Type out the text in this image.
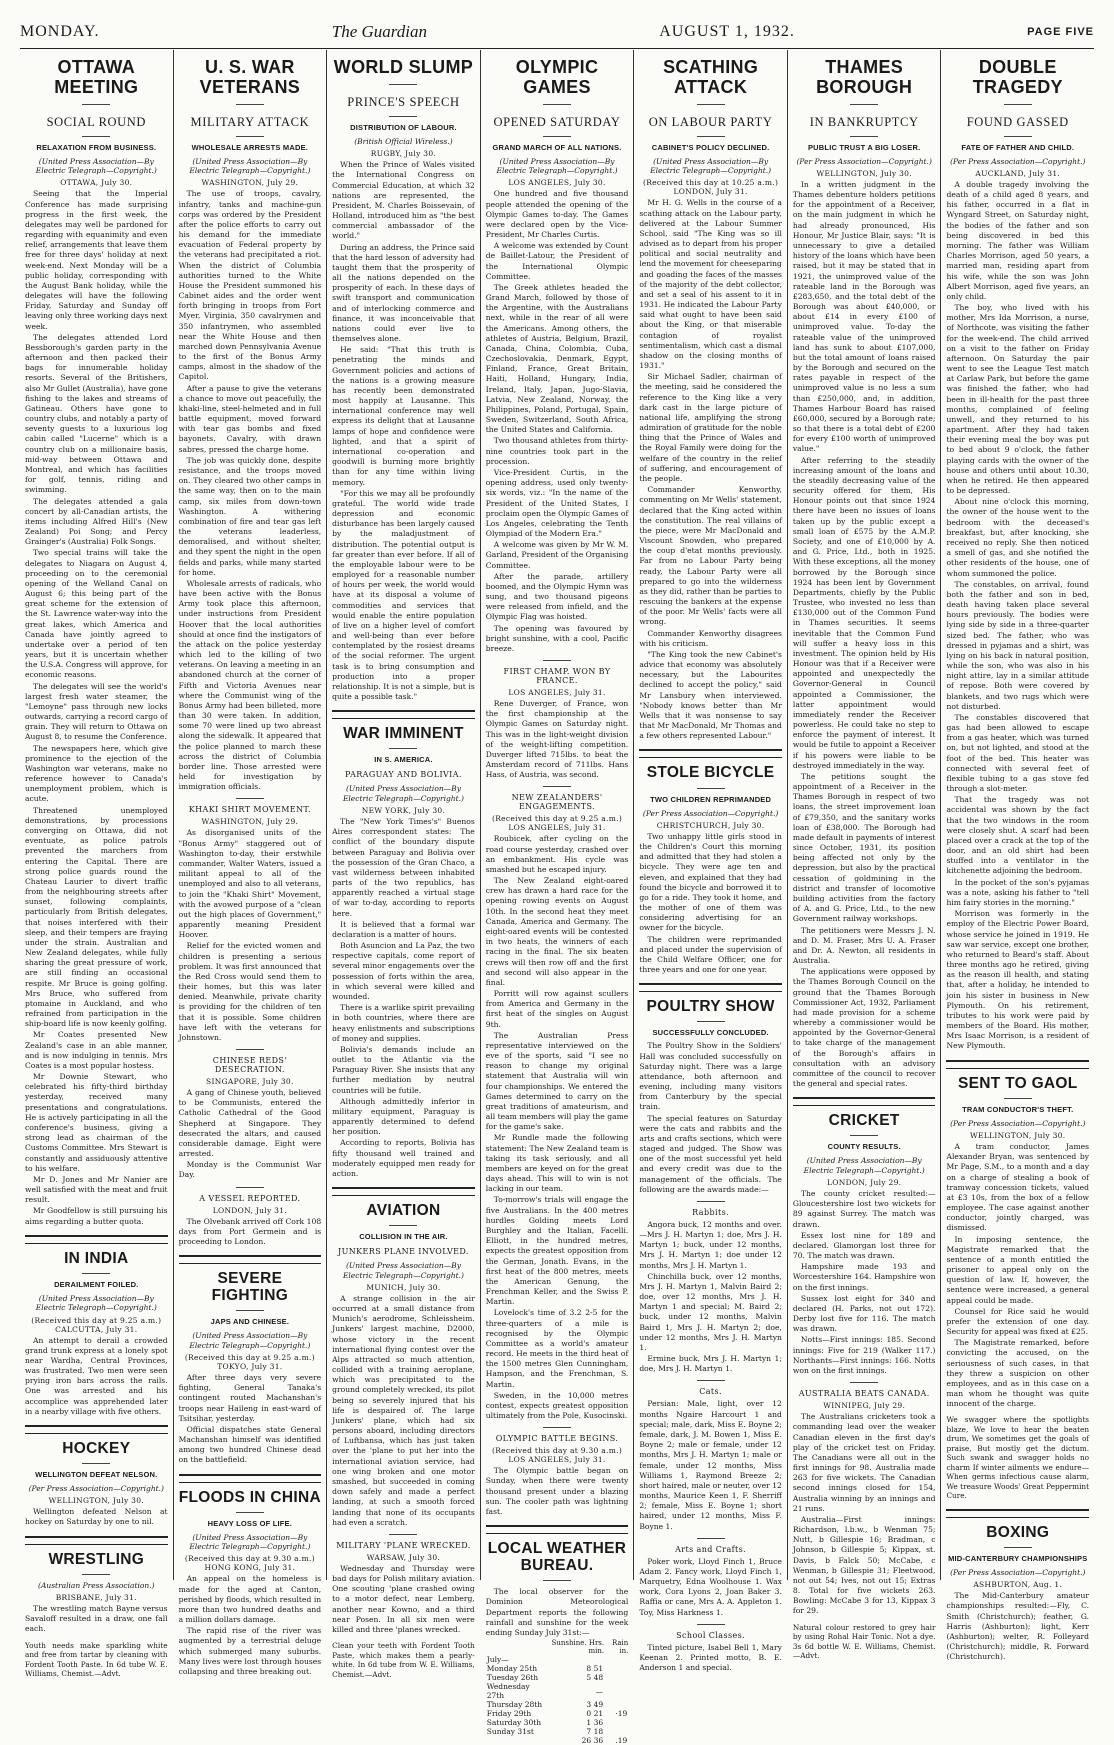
MONDAY.	The Guardian	AUGUST 1, 1932.	PAGE FIVE
OTTAWA MEETING
SOCIAL ROUND
RELAXATION FROM BUSINESS.
(United Press Association—By Electric Telegraph—Copyright.)
OTTAWA, July 30.

Seeing that the Imperial Conference has made surprising progress in the first week, the delegates may well be pardoned for regarding with equanimity and even relief, arrangements that leave them free for three days' holiday at next week-end. Next Monday will be a public holiday, corresponding with the August Bank holiday, while the delegates will have the following Friday, Saturday and Sunday off leaving only three working days next week.

The delegates attended Lord Bessborough's garden party in the afternoon and then packed their bags for innumerable holiday resorts. Several of the Britishers, also Mr Gullet (Australia), have gone fishing to the lakes and streams of Gatineau. Others have gone to country clubs, and notably a party of seventy guests to a luxurious log cabin called "Lucerne" which is a country club on a millionaire basis, mid-way between Ottawa and Montreal, and which has facilities for golf, tennis, riding and swimming.

The delegates attended a gala concert by all-Canadian artists, the items including Alfred Hill's (New Zealand) Poi Song; and Percy Grainger's (Australia) Folk Songs.

Two special trains will take the delegates to Niagara on August 4, proceeding on to the ceremonial opening of the Welland Canal on August 6; this being part of the great scheme for the extension of the St. Lawrence water-way into the great lakes, which America and Canada have jointly agreed to undertake over a period of ten years, but it is uncertain whether the U.S.A. Congress will approve, for economic reasons.

The delegates will see the world's largest fresh water steamer, the "Lemoyne" pass through new locks outwards, carrying a record cargo of grain. They will return to Ottawa on August 8, to resume the Conference.

The newspapers here, which give prominence to the ejection of the Washington war veterans, make no reference however to Canada's unemployment problem, which is acute.

Threatened unemployed demonstrations, by processions converging on Ottawa, did not eventuate, as police patrols prevented the marchers from entering the Capital. There are strong police guards round the Chateau Laurier to divert traffic from the neighbouring streets after sunset, following complaints, particularly from British delegates, that noises interfered with their sleep, and their tempers are fraying under the strain. Australian and New Zealand delegates, while fully sharing the great pressure of work, are still finding an occasional respite. Mr Bruce is going golfing. Mrs Bruce, who suffered from ptomaine in Auckland, and who refrained from participation in the ship-board life is now keenly golfing.

Mr Coates presented New Zealand's case in an able manner, and is now indulging in tennis. Mrs Coates is a most popular hostess.

Mr Downie Stewart, who celebrated his fifty-third birthday yesterday, received many presentations and congratulations. He is actively participating in all the conference's business, giving a strong lead as chairman of the Customs Committee. Mrs Stewart is constantly and assiduously attentive to his welfare.

Mr D. Jones and Mr Nanier are well satisfied with the meat and fruit result.

Mr Goodfellow is still pursuing his aims regarding a butter quota.

IN INDIA
DERAILMENT FOILED.
(United Press Association—By Electric Telegraph—Copyright.)
(Received this day at 9.25 a.m.) CALCUTTA, July 31.

An attempt to derail a crowded grand trunk express at a lonely spot near Wardha, Central Provinces, was frustrated. Two men were seen prying iron bars across the rails. One was arrested and his accomplice was apprehended later in a nearby village with five others.

HOCKEY
WELLINGTON DEFEAT NELSON.
(Per Press Association—Copyright.)
WELLINGTON, July 30.

Wellington defeated Nelson at hockey on Saturday by one to nil.

WRESTLING
(Australian Press Association.)
BRISBANE, July 31.

The wrestling match Bayne versus Savaloff resulted in a draw, one fall each.

Youth needs make sparkling white and free from tartar by cleaning with Fordent Tooth Paste. In 6d tube W. E. Williams, Chemist.—Advt.
U. S. WAR VETERANS
MILITARY ATTACK
WHOLESALE ARRESTS MADE.
(United Press Association—By Electric Telegraph—Copyright.)
WASHINGTON, July 29.

The use of troops, cavalry, infantry, tanks and machine-gun corps was ordered by the President after the police efforts to carry out his demand for the immediate evacuation of Federal property by the veterans had precipitated a riot. When the district of Columbia authorities turned to the White House the President summoned his Cabinet aides and the order went forth bringing in troops from Fort Myer, Virginia, 350 cavalrymen and 350 infantrymen, who assembled near the White House and then marched down Pennsylvania Avenue to the first of the Bonus Army camps, almost in the shadow of the Capitol.

After a pause to give the veterans a chance to move out peacefully, the khaki-line, steel-helmeted and in full battle equipment, moved forward with tear gas bombs and fixed bayonets. Cavalry, with drawn sabres, pressed the charge home.

The job was quickly done, despite resistance, and the troops moved on. They cleared two other camps in the same way, then on to the main camp, six miles from down-town Washington. A withering combination of fire and tear gas left the veterans leaderless, demoralised, and without shelter, and they spent the night in the open fields and parks, while many started for home.

Wholesale arrests of radicals, who have been active with the Bonus Army took place this afternoon, under instructions from President Hoover that the local authorities should at once find the instigators of the attack on the police yesterday which led to the killing of two veterans. On leaving a meeting in an abandoned church at the corner of Fifth and Victoria Avenues near where the Communist wing of the Bonus Army had been billeted, more than 30 were taken. In addition, some 70 were lined up two abreast along the sidewalk. It appeared that the police planned to march these across the district of Columbia border line. Those arrested were held for investigation by immigration officials.

KHAKI SHIRT MOVEMENT.
WASHINGTON, July 29.

As disorganised units of the "Bonus Army" staggered out of Washington to-day, their erstwhile commander, Walter Waters, issued a militant appeal to all of the unemployed and also to all veterans, to join the "Khaki Shirt" Movement, with the avowed purpose of a "clean out the high places of Government," apparently meaning President Hoover.

Relief for the evicted women and children is presenting a serious problem. It was first announced that the Red Cross would send them to their homes, but this was later denied. Meanwhile, private charity is providing for the children of ten that it is possible. Some children have left with the veterans for Johnstown.

CHINESE REDS' DESECRATION.
SINGAPORE, July 30.

A gang of Chinese youth, believed to be Communists, entered the Catholic Cathedral of the Good Shepherd at Singapore. They desecrated the altars, and caused considerable damage. Eight were arrested.

Monday is the Communist War Day.

A VESSEL REPORTED.
LONDON, July 31.

The Olvebank arrived off Cork 108 days from Port Germein and is proceeding to London.

SEVERE FIGHTING
JAPS AND CHINESE.
(United Press Association—By Electric Telegraph—Copyright.)
(Received this day at 9.25 a.m.) TOKYO, July 31.

After three days very severe fighting, General Tanaka's contingent routed Machanshan's troops near Haileng in east-ward of Tsitsihar, yesterday.

Official dispatches state General Machanshan himself was identified among two hundred Chinese dead on the battlefield.

FLOODS IN CHINA
HEAVY LOSS OF LIFE.
(United Press Association—By Electric Telegraph—Copyright.)
(Received this day at 9.30 a.m.) HONG KONG, July 31.

An appeal on the homeless is made for the aged at Canton, perished by floods, which resulted in more than two hundred deaths and a million dollars damage.

The rapid rise of the river was augmented by a terrestrial deluge which submerged many suburbs. Many lives were lost through houses collapsing and three breaking out.

WORLD SLUMP
PRINCE'S SPEECH
DISTRIBUTION OF LABOUR.
(British Official Wireless.)
RUGBY, July 30.

When the Prince of Wales visited the International Congress on Commercial Education, at which 32 nations are represented, the President, M. Charles Boissevain, of Holland, introduced him as "the best commercial ambassador of the world."

During an address, the Prince said that the hard lesson of adversity had taught them that the prosperity of all the nations depended on the prosperity of each. In these days of swift transport and communication and of interlocking commerce and finance, it was inconceivable that nations could ever live to themselves alone.

He said: "That this truth is penetrating the minds and Government policies and actions of the nations is a growing measure has recently been demonstrated most happily at Lausanne. This international conference may well express its delight that at Lausanne lamps of hope and confidence were lighted, and that a spirit of international co-operation and goodwill is burning more brightly than for any time within living memory.

"For this we may all be profoundly grateful. The world wide trade depression and economic disturbance has been largely caused by the maladjustment of distribution. The potential output is far greater than ever before. If all of the employable labour were to be employed for a reasonable number of hours per week, the world would have at its disposal a volume of commodities and services that would enable the entire population of live on a higher level of comfort and well-being than ever before contemplated by the rosiest dreams of the social reformer. The urgent task is to bring consumption and production into a proper relationship. It is not a simple, but is quite a possible task."

WAR IMMINENT
IN S. AMERICA.
PARAGUAY AND BOLIVIA.
(United Press Association—By Electric Telegraph—Copyright.)
NEW YORK, July 30.

The "New York Times's" Buenos Aires correspondent states: The conflict of the boundary dispute between Paraguay and Bolivia over the possession of the Gran Chaco, a vast wilderness between inhabited parts of the two republics, has apparently reached a virtual stage of war to-day, according to reports here.

It is believed that a formal war declaration is a matter of hours.

Both Asuncion and La Paz, the two respective capitals, come report of several minor engagements over the possession of forts within the area, in which several were killed and wounded.

There is a warlike spirit prevailing in both countries, where there are heavy enlistments and subscriptions of money and supplies.

Bolivia's demands include an outlet to the Atlantic via the Paraguay River. She insists that any further mediation by neutral countries will be futile.

Although admittedly inferior in military equipment, Paraguay is apparently determined to defend her position.

According to reports, Bolivia has fifty thousand well trained and moderately equipped men ready for action.

AVIATION
COLLISION IN THE AIR.
JUNKERS PLANE INVOLVED.
(United Press Association—By Electric Telegraph—Copyright.)
MUNICH, July 30.

A strange collision in the air occurred at a small distance from Munich's aerodrome, Schleissheim. Junkers' largest machine, D2000, whose victory in the recent international flying contest over the Alps attracted so much attention, collided with a training aeroplane, which was precipitated to the ground completely wrecked, its pilot being so severely injured that his life is despaired of. The large Junkers' plane, which had six persons aboard, including directors of Luftbansa, which has just taken over the 'plane to put her into the international aviation service, had one wing broken and one motor smashed, but succeeded in coming down safely and made a perfect landing, at such a smooth forced landing that none of its occupants had even a scratch.

MILITARY 'PLANE WRECKED.
WARSAW, July 30.

Wednesday and Thursday were bad days for Polish military aviation. One scouting 'plane crashed owing to a motor defect, near Lemberg, another near Kowno, and a third near Posen. In all six men were killed and three 'planes wrecked.

Clean your teeth with Fordent Tooth Paste, which makes them a pearly-white. In 6d tube from W. E. Williams, Chemist.—Advt.
OLYMPIC GAMES
OPENED SATURDAY
GRAND MARCH OF ALL NATIONS.
(United Press Association—By Electric Telegraph—Copyright.)
LOS ANGELES, July 30.

One hundred and five thousand people attended the opening of the Olympic Games to-day. The Games were declared open by the Vice-President, Mr Charles Curtis.

A welcome was extended by Count de Baillet-Latour, the President of the International Olympic Committee.

The Greek athletes headed the Grand March, followed by those of the Argentine, with the Australians next, while in the rear of all were the Americans. Among others, the athletes of Austria, Belgium, Brazil, Canada, China, Colombia, Cuba, Czechoslovakia, Denmark, Egypt, Finland, France, Great Britain, Haiti, Holland, Hungary, India, Ireland, Italy, Japan, Jugo-Slavia, Latvia, New Zealand, Norway, the Philippines, Poland, Portugal, Spain, Sweden, Switzerland, South Africa, the United States and California.

Two thousand athletes from thirty-nine countries took part in the procession.

Vice-President Curtis, in the opening address, used only twenty-six words, viz.: "In the name of the President of the United States, I proclaim open the Olympic Games of Los Angeles, celebrating the Tenth Olympiad of the Modern Era."

A welcome was given by Mr W. M. Garland, President of the Organising Committee.

After the parade, artillery boomed, and the Olympic Hymn was sung, and two thousand pigeons were released from infield, and the Olympic Flag was hoisted.

The opening was favoured by bright sunshine, with a cool, Pacific breeze.

FIRST CHAMP. WON BY FRANCE.
LOS ANGELES, July 31.

Rene Duverger, of France, won the first championship at the Olympic Games on Saturday night. This was in the light-weight division of the weight-lifting competition. Duverger lifted 715lbs. to beat the Amsterdam record of 711lbs. Hans Hass, of Austria, was second.

NEW ZEALANDERS' ENGAGEMENTS.
(Received this day at 9.25 a.m.) LOS ANGELES, July 31.

Roubicek, after cycling on the road course yesterday, crashed over an embankment. His cycle was smashed but he escaped injury.

The New Zealand eight-oared crew has drawn a hard race for the opening rowing events on August 10th. In the second heat they meet Canada, America and Germany. The eight-oared events will be contested in two heats, the winners of each racing in the final. The six beaten crews will then row off and the first and second will also appear in the final.

Porritt will row against scullers from America and Germany in the first heat of the singles on August 9th.

The Australian Press representative interviewed on the eve of the sports, said "I see no reason to change my original statement that Australia will win four championships. We entered the Games determined to carry on the great traditions of amateurism, and all team members will play the game for the game's sake.

Mr Rundle made the following statement: The New Zealand team is taking its task seriously, and all members are keyed on for the great days ahead. This will to win is not lacking in our team.

To-morrow's trials will engage the five Australians. In the 400 metres hurdles Golding meets Lord Burghley and the Italian, Facelli. Elliott, in the hundred metres, expects the greatest opposition from the German, Jonath. Evans, in the first heat of the 800 metres, meets the American Genung, the Frenchman Keller, and the Swiss P. Martin.

Lovelock's time of 3.2 2-5 for the three-quarters of a mile is recognised by the Olympic Committee as a world's amateur record. He meets in the third heat of the 1500 metres Glen Cunningham, Hampson, and the Frenchman, S. Martin.

Sweden, in the 10,000 metres contest, expects greatest opposition ultimately from the Pole, Kusocinski.

OLYMPIC BATTLE BEGINS.
(Received this day at 9.30 a.m.) LOS ANGELES, July 31.

The Olympic battle began on Sunday, when there were twenty thousand present under a blazing sun. The cooler path was lightning fast.

LOCAL WEATHER BUREAU.

The local observer for the Dominion Meteorological Department reports the following rainfall and sunshine for the week ending Sunday July 31st:—

	Sunshine. Hrs. min.	Rain in.
July—		
Monday 25th	8 51	
Tuesday 26th	5 48	
Wednesday 27th	—	
Thursday 28th	3 49	
Friday 29th	0 21	·19
Saturday 30th	1 36	
Sunday 31st	7 18	
	26 36	.19
SCATHING ATTACK
ON LABOUR PARTY
CABINET'S POLICY DECLINED.
(United Press Association—By Electric Telegraph—Copyright.)
(Received this day at 10.25 a.m.) LONDON, July 31.

Mr H. G. Wells in the course of a scathing attack on the Labour party, delivered at the Labour Summer School, said "The King was so ill advised as to depart from his proper political and social neutrality and lend the movement for cheeseparing and goading the faces of the masses of the majority of the debt collector, and set a seal of his assent to it in 1931. He indicated the Labour Party said what ought to have been said about the King, or that miserable contagion of royalist sentimentalism, which cast a dismal shadow on the closing months of 1931."

Sir Michael Sadler, chairman of the meeting, said he considered the reference to the King like a very dark cast in the large picture of national life, amplifying the strong admiration of gratitude for the noble thing that the Prince of Wales and the Royal Family were doing for the welfare of the country in the relief of suffering, and encouragement of the people.

Commander Kenworthy, commenting on Mr Wells' statement, declared that the King acted within the constitution. The real villains of the piece, were Mr MacDonald and Viscount Snowden, who prepared the coup d'etat months previously. Far from no Labour Party being ready, the Labour Party were all prepared to go into the wilderness as they did, rather than be parties to rescuing the bankers at the expense of the poor. Mr Wells' facts were all wrong.

Commander Kenworthy disagrees with his criticism.

"The King took the new Cabinet's advice that economy was absolutely necessary, but the Labourites declined to accept the policy," said Mr Lansbury when interviewed. "Nobody knows better than Mr Wells that it was nonsense to say that Mr MacDonald, Mr Thomas and a few others represented Labour."

STOLE BICYCLE
TWO CHILDREN REPRIMANDED
(Per Press Association—Copyright.)
CHRISTCHURCH, July 30.

Two unhappy little girls stood in the Children's Court this morning and admitted that they had stolen a bicycle. They were age ten and eleven, and explained that they had found the bicycle and borrowed it to go for a ride. They took it home, and the mother of one of them was considering advertising for an owner for the bicycle.

The children were reprimanded and placed under the supervision of the Child Welfare Officer, one for three years and one for one year.

POULTRY SHOW
SUCCESSFULLY CONCLUDED.

The Poultry Show in the Soldiers' Hall was concluded successfully on Saturday night. There was a large attendance, both afternoon and evening, including many visitors from Canterbury by the special train.

The special features on Saturday were the cats and rabbits and the arts and crafts sections, which were staged and judged. The Show was one of the most successful yet held and every credit was due to the management of the officials. The following are the awards made:—

Rabbits.

Angora buck, 12 months and over.—Mrs J. H. Martyn 1; doe, Mrs J. H. Martyn 1; buck, under 12 months, Mrs J. H. Martyn 1; doe under 12 months, Mrs J. H. Martyn 1.

Chinchilla buck, over 12 months, Mrs J. H. Martyn 1, Malvin Baird 2; doe, over 12 months, Mrs J. H. Martyn 1 and special; M. Baird 2; buck, under 12 months, Malvin Baird 1, Mrs J. H. Martyn 2; doe, under 12 months, Mrs J. H. Martyn 1.

Ermine buck, Mrs J. H. Martyn 1; doe, Mrs J. H. Martyn 1.

Cats.

Persian: Male, light, over 12 months Ngaire Harcourt 1 and special; male, dark, Miss E. Boyne 2; female, dark, J. M. Bowen 1, Miss E. Boyne 2; male or female, under 12 months, Mrs J. H. Martyn 1; male or female, under 12 months, Miss Williams 1, Raymond Breeze 2; short haired, male or neuter, over 12 months, Maurice Keen 1, F. Sherriff 2; female, Miss E. Boyne 1; short haired, under 12 months, Miss F. Boyne 1.

Arts and Crafts.

Poker work, Lloyd Finch 1, Bruce Adam 2. Fancy work, Lloyd Finch 1, Marquetry, Edna Woolhouse 1. Wax work, Cora Lyons 2, Joan Baker 3. Raffia or cane, Mrs A. A. Appleton 1. Toy, Miss Harkness 1.

School Classes.

Tinted picture, Isabel Bell 1, Mary Keenan 2. Printed motto, B. E. Anderson 1 and special.

THAMES BOROUGH
IN BANKRUPTCY
PUBLIC TRUST A BIG LOSER.
(Per Press Association—Copyright.)
WELLINGTON, July 30.

In a written judgment in the Thames debenture holders petitions for the appointment of a Receiver, on the main judgment in which he had already pronounced, His Honour, Mr Justice Blair, says: "It is unnecessary to give a detailed history of the loans which have been raised, but it may be stated that in 1921, the unimproved value of the rateable land in the Borough was £283,650, and the total debt of the Borough was about £40,000, or about £14 in every £100 of unimproved value. To-day the rateable value of the unimproved land has sunk to about £107,000, but the total amount of loans raised by the Borough and secured on the rates payable in respect of the unimproved value is no less a sum than £250,000, and, in addition, Thames Harbour Board has raised £60,000, secured by a Borough rate; so that there is a total debt of £200 for every £100 worth of unimproved value."

After referring to the steadily increasing amount of the loans and the steadily decreasing value of the security offered for them, His Honour points out that since 1924 there have been no issues of loans taken up by the public except a small loan of £575 by the A.M.P. Society, and one of £10,000 by A. and G. Price, Ltd., both in 1925. With these exceptions, all the money borrowed by the Borough since 1924 has been lent by Government Departments, chiefly by the Public Trustee, who invested no less than £130,000 out of the Common Fund in Thames securities. It seems inevitable that the Common Fund will suffer a heavy loss in this investment. The opinion held by His Honour was that if a Receiver were appointed and unexpectedly the Governor-General in Council appointed a Commissioner, the latter appointment would immediately render the Receiver powerless. He could take no step to enforce the payment of interest. It would be futile to appoint a Receiver if his powers were liable to be destroyed immediately in the way.

The petitions sought the appointment of a Receiver in the Thames Borough in respect of two loans, the street improvement loan of £79,350, and the sanitary works loan of £38,000. The Borough had made default in payments of interest since October, 1931, its position being affected not only by the depression, but also by the practical cessation of goldmining in the district and transfer of locomotive building activities from the factory of A. and G. Price, Ltd., to the new Government railway workshops.

The petitioners were Messrs J. N. and D. M. Fraser, Mrs U. A. Fraser and Dr. A. Newton, all residents in Australia.

The applications were opposed by the Thames Borough Council on the ground that the Thames Borough Commissioner Act, 1932, Parliament had made provision for a scheme whereby a commissioner would be appointed by the Governor-General to take charge of the management of the Borough's affairs in consultation with an advisory committee of the council to recover the general and special rates.

CRICKET
COUNTY RESULTS.
(United Press Association—By Electric Telegraph—Copyright.)
LONDON, July 29.

The county cricket resulted:—Gloucestershire lost two wickets for 89 against Surrey. The match was drawn.

Essex lost nine for 189 and declared. Glamorgan lost three for 70. The match was drawn.

Hampshire made 193 and Worcestershire 164. Hampshire won on the first innings.

Sussex lost eight for 340 and declared (H. Parks, not out 172). Derby lost five for 116. The match was drawn.

Notts—First innings: 185. Second innings: Five for 219 (Walker 117.) Northants—First innings: 166. Notts won on the first innings.

AUSTRALIA BEATS CANADA.
WINNIPEG, July 29.

The Australians cricketers took a commanding lead over the weaker Canadian eleven in the first day's play of the cricket test on Friday. The Canadians were all out in the first innings for 98. Australia made 263 for five wickets. The Canadian second innings closed for 154, Australia winning by an innings and 21 runs.

Australia—First innings: Richardson, l.b.w., b Wenman 75; Nutt, b Gillespie 16; Bradman, c Johnson, b Gillespie 5; Kippax, st. Davis, b Falck 50; McCabe, c Wenman, b Gillespie 31; Fleetwood, not out 54; Ives, not out 15; Extras 8. Total for five wickets 263. Bowling: McCabe 3 for 13, Kippax 3 for 29.

Natural colour restored to grey hair by using Rohal Hair Tonic. Not a dye. 3s 6d bottle W. E. Williams, Chemist.—Advt.
DOUBLE TRAGEDY
FOUND GASSED
FATE OF FATHER AND CHILD.
(Per Press Association—Copyright.)
AUCKLAND, July 31.

A double tragedy involving the death of a child aged 8 years, and his father, occurred in a flat in Wyngard Street, on Saturday night, the bodies of the father and son being discovered in bed this morning. The father was William Charles Morrison, aged 50 years, a married man, residing apart from his wife, while the son was John Albert Morrison, aged five years, an only child.

The boy, who lived with his mother, Mrs Ida Morrison, a nurse, of Northcote, was visiting the father for the week-end. The child arrived on a visit to the father on Friday afternoon. On Saturday the pair went to see the League Test match at Carlaw Park, but before the game was finished the father, who had been in ill-health for the past three months, complained of feeling unwell, and they returned to his apartment. After they had taken their evening meal the boy was put to bed about 9 o'clock, the father playing cards with the owner of the house and others until about 10.30, when he retired. He then appeared to be depressed.

About nine o'clock this morning, the owner of the house went to the bedroom with the deceased's breakfast, but, after knocking, she received no reply. She then noticed a smell of gas, and she notified the other residents of the house, one of whom summoned the police.

The constables, on arrival, found both the father and son in bed, death having taken place several hours previously. The bodies were lying side by side in a three-quarter sized bed. The father, who was dressed in pyjamas and a shirt, was lying on his back in natural position, while the son, who was also in his night attire, lay in a similar attitude of repose. Both were covered by blankets, and two rugs which were not disturbed.

The constables discovered that gas had been allowed to escape from a gas heater, which was turned on, but not lighted, and stood at the foot of the bed. This heater was connected with several feet of flexible tubing to a gas stove fed through a slot-meter.

That the tragedy was not accidental was shown by the fact that the two windows in the room were closely shut. A scarf had been placed over a crack at the top of the door, and an old shirt had been stuffed into a ventilator in the kitchenette adjoining the bedroom.

In the pocket of the son's pyjamas was a note, asking his father to "tell him fairy stories in the morning."

Morrison was formerly in the employ of the Electric Power Board, whose service he joined in 1919. He saw war service, except one brother, who returned to Beard's staff. About three months ago he retired, giving as the reason ill health, and stating that, after a holiday, he intended to join his sister in business in New Plymouth. On his retirement, tributes to his work were paid by members of the Board. His mother, Mrs Isaac Morrison, is a resident of New Plymouth.

SENT TO GAOL
TRAM CONDUCTOR'S THEFT.
(Per Press Association—Copyright.)
WELLINGTON, July 30.

A tram conductor, James Alexander Bryan, was sentenced by Mr Page, S.M., to a month and a day on a charge of stealing a book of tramway concession tickets, valued at £3 10s, from the box of a fellow employee. The case against another conductor, jointly charged, was dismissed.

In imposing sentence, the Magistrate remarked that the sentence of a month entitled the prisoner to appeal only on the question of law. If, however, the sentence were increased, a general appeal could be made.

Counsel for Rice said he would prefer the extension of one day. Security for appeal was fixed at £25.

The Magistrate remarked, before convicting the accused, on the seriousness of such cases, in that they threw a suspicion on other employees, and as in this case on a man whom he thought was quite innocent of the charge.

We swagger where the spotlights blaze, We love to hear the beaten drum, We sometimes get the goals of praise, But mostly get the dictum. Such swank and swagger holds no charm If winter ailments we endure— When germs infectious cause alarm, We treasure Woods' Great Peppermint Cure.
BOXING
MID-CANTERBURY CHAMPIONSHIPS
(Per Press Association—Copyright.)
ASHBURTON, Aug. 1.

The Mid-Canterbury amateur championships resulted:—Fly, C. Smith (Christchurch); feather, G. Harris (Ashburton); light, Kerr (Ashburton); welter, R. Folleyard (Christchurch); middle, R. Forward (Christchurch).
